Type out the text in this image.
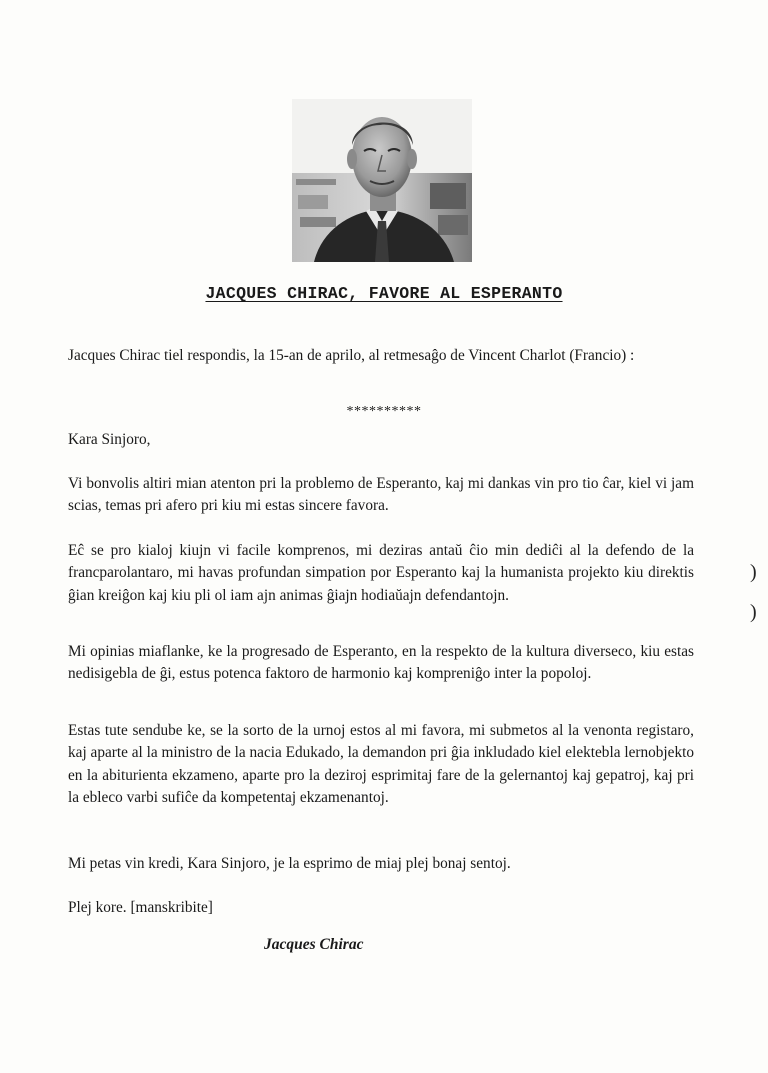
JACQUES CHIRAC, FAVORE AL ESPERANTO
Jacques Chirac tiel respondis, la 15-an de aprilo, al retmesaĝo de Vincent Charlot (Francio) :
**********
Kara Sinjoro,
Vi bonvolis altiri mian atenton pri la problemo de Esperanto, kaj mi dankas vin pro tio ĉar, kiel vi jam scias, temas pri afero pri kiu mi estas sincere favora.
Eĉ se pro kialoj kiujn vi facile komprenos, mi deziras antaŭ ĉio min dediĉi al la defendo de la francparolantaro, mi havas profundan simpation por Esperanto kaj la humanista projekto kiu direktis ĝian kreiĝon kaj kiu pli ol iam ajn animas ĝiajn hodiaŭajn defendantojn.
Mi opinias miaflanke, ke la progresado de Esperanto, en la respekto de la kultura diverseco, kiu estas nedisigebla de ĝi, estus potenca faktoro de harmonio kaj kompreniĝo inter la popoloj.
Estas tute sendube ke, se la sorto de la urnoj estos al mi favora, mi submetos al la venonta registaro, kaj aparte al la ministro de la nacia Edukado, la demandon pri ĝia inkludado kiel elektebla lernobjekto en la abiturienta ekzameno, aparte pro la deziroj esprimitaj fare de la gelernantoj kaj gepatroj, kaj pri la ebleco varbi sufiĉe da kompetentaj ekzamenantoj.
Mi petas vin kredi, Kara Sinjoro, je la esprimo de miaj plej bonaj sentoj.
Plej kore. [manskribite]
Jacques Chirac
)
)
